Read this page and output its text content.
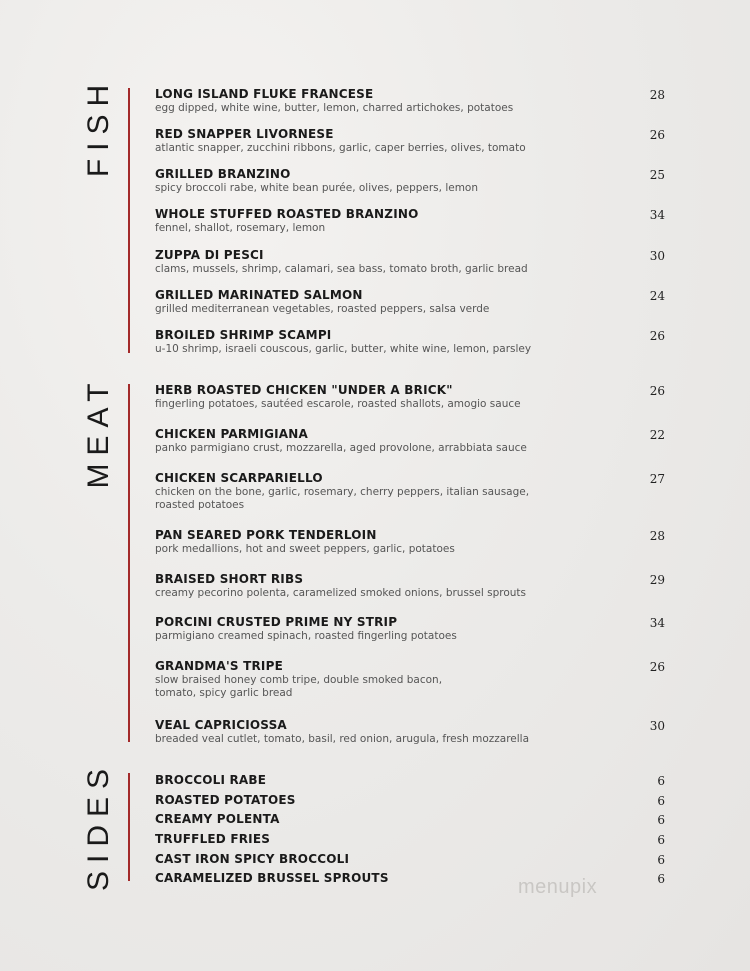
FISH	LONG ISLAND FLUKE FRANCESE
egg dipped, white wine, butter, lemon, charred artichokes, potatoes
28
RED SNAPPER LIVORNESE
atlantic snapper, zucchini ribbons, garlic, caper berries, olives, tomato
26
GRILLED BRANZINO
spicy broccoli rabe, white bean purée, olives, peppers, lemon
25
WHOLE STUFFED ROASTED BRANZINO
fennel, shallot, rosemary, lemon
34
ZUPPA DI PESCI
clams, mussels, shrimp, calamari, sea bass, tomato broth, garlic bread
30
GRILLED MARINATED SALMON
grilled mediterranean vegetables, roasted peppers, salsa verde
24
BROILED SHRIMP SCAMPI
u-10 shrimp, israeli couscous, garlic, butter, white wine, lemon, parsley
26
MEAT	HERB ROASTED CHICKEN "UNDER A BRICK"
fingerling potatoes, sautéed escarole, roasted shallots, amogio sauce
26
CHICKEN PARMIGIANA
panko parmigiano crust, mozzarella, aged provolone, arrabbiata sauce
22
CHICKEN SCARPARIELLO
chicken on the bone, garlic, rosemary, cherry peppers, italian sausage, roasted potatoes
27
PAN SEARED PORK TENDERLOIN
pork medallions, hot and sweet peppers, garlic, potatoes
28
BRAISED SHORT RIBS
creamy pecorino polenta, caramelized smoked onions, brussel sprouts
29
PORCINI CRUSTED PRIME NY STRIP
parmigiano creamed spinach, roasted fingerling potatoes
34
GRANDMA'S TRIPE
slow braised honey comb tripe, double smoked bacon, tomato, spicy garlic bread
26
VEAL CAPRICIOSSA
breaded veal cutlet, tomato, basil, red onion, arugula, fresh mozzarella
30
SIDES	BROCCOLI RABE	6
ROASTED POTATOES	6
CREAMY POLENTA	6
TRUFFLED FRIES	6
CAST IRON SPICY BROCCOLI	6
CARAMELIZED BRUSSEL SPROUTS	6
menupix
